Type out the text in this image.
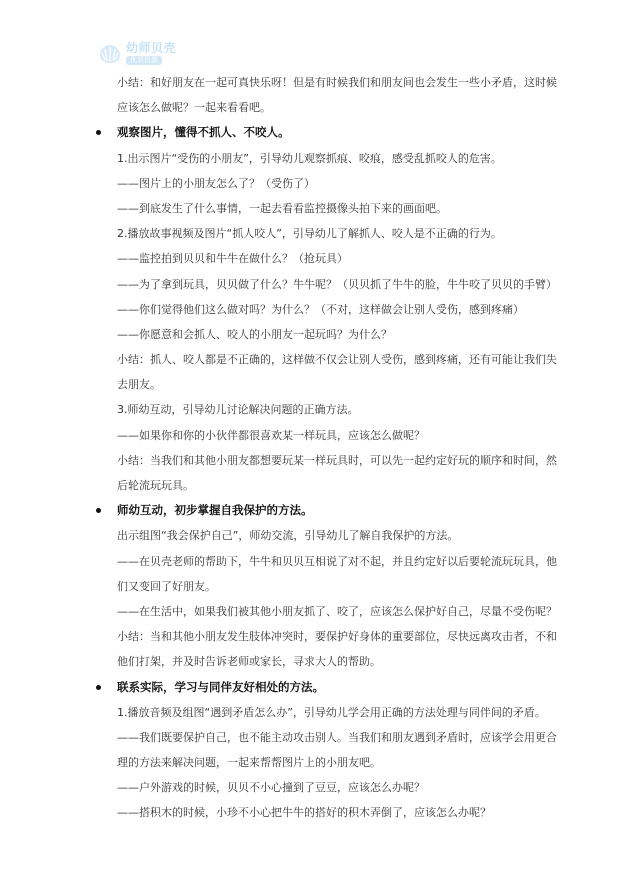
幼师贝壳
优质资源
小结：和好朋友在一起可真快乐呀！但是有时候我们和朋友间也会发生一些小矛盾，这时候
应该怎么做呢？一起来看看吧。
观察图片，懂得不抓人、不咬人。
1.出示图片“受伤的小朋友”，引导幼儿观察抓痕、咬痕，感受乱抓咬人的危害。
——图片上的小朋友怎么了？（受伤了）
——到底发生了什么事情，一起去看看监控摄像头拍下来的画面吧。
2.播放故事视频及图片“抓人咬人”，引导幼儿了解抓人、咬人是不正确的行为。
——监控拍到贝贝和牛牛在做什么？（抢玩具）
——为了拿到玩具，贝贝做了什么？牛牛呢？（贝贝抓了牛牛的脸，牛牛咬了贝贝的手臂）
——你们觉得他们这么做对吗？为什么？（不对，这样做会让别人受伤，感到疼痛）
——你愿意和会抓人、咬人的小朋友一起玩吗？为什么？
小结：抓人、咬人都是不正确的，这样做不仅会让别人受伤，感到疼痛，还有可能让我们失
去朋友。
3.师幼互动，引导幼儿讨论解决问题的正确方法。
——如果你和你的小伙伴都很喜欢某一样玩具，应该怎么做呢？
小结：当我们和其他小朋友都想要玩某一样玩具时，可以先一起约定好玩的顺序和时间，然
后轮流玩玩具。
师幼互动，初步掌握自我保护的方法。
出示组图“我会保护自己”，师幼交流，引导幼儿了解自我保护的方法。
——在贝壳老师的帮助下，牛牛和贝贝互相说了对不起，并且约定好以后要轮流玩玩具，他
们又变回了好朋友。
——在生活中，如果我们被其他小朋友抓了、咬了，应该怎么保护好自己，尽量不受伤呢？
小结：当和其他小朋友发生肢体冲突时，要保护好身体的重要部位，尽快远离攻击者，不和
他们打架，并及时告诉老师或家长，寻求大人的帮助。
联系实际，学习与同伴友好相处的方法。
1.播放音频及组图“遇到矛盾怎么办”，引导幼儿学会用正确的方法处理与同伴间的矛盾。
——我们既要保护自己，也不能主动攻击别人。当我们和朋友遇到矛盾时，应该学会用更合
理的方法来解决问题，一起来帮帮图片上的小朋友吧。
——户外游戏的时候，贝贝不小心撞到了豆豆，应该怎么办呢？
——搭积木的时候，小珍不小心把牛牛的搭好的积木弄倒了，应该怎么办呢？
